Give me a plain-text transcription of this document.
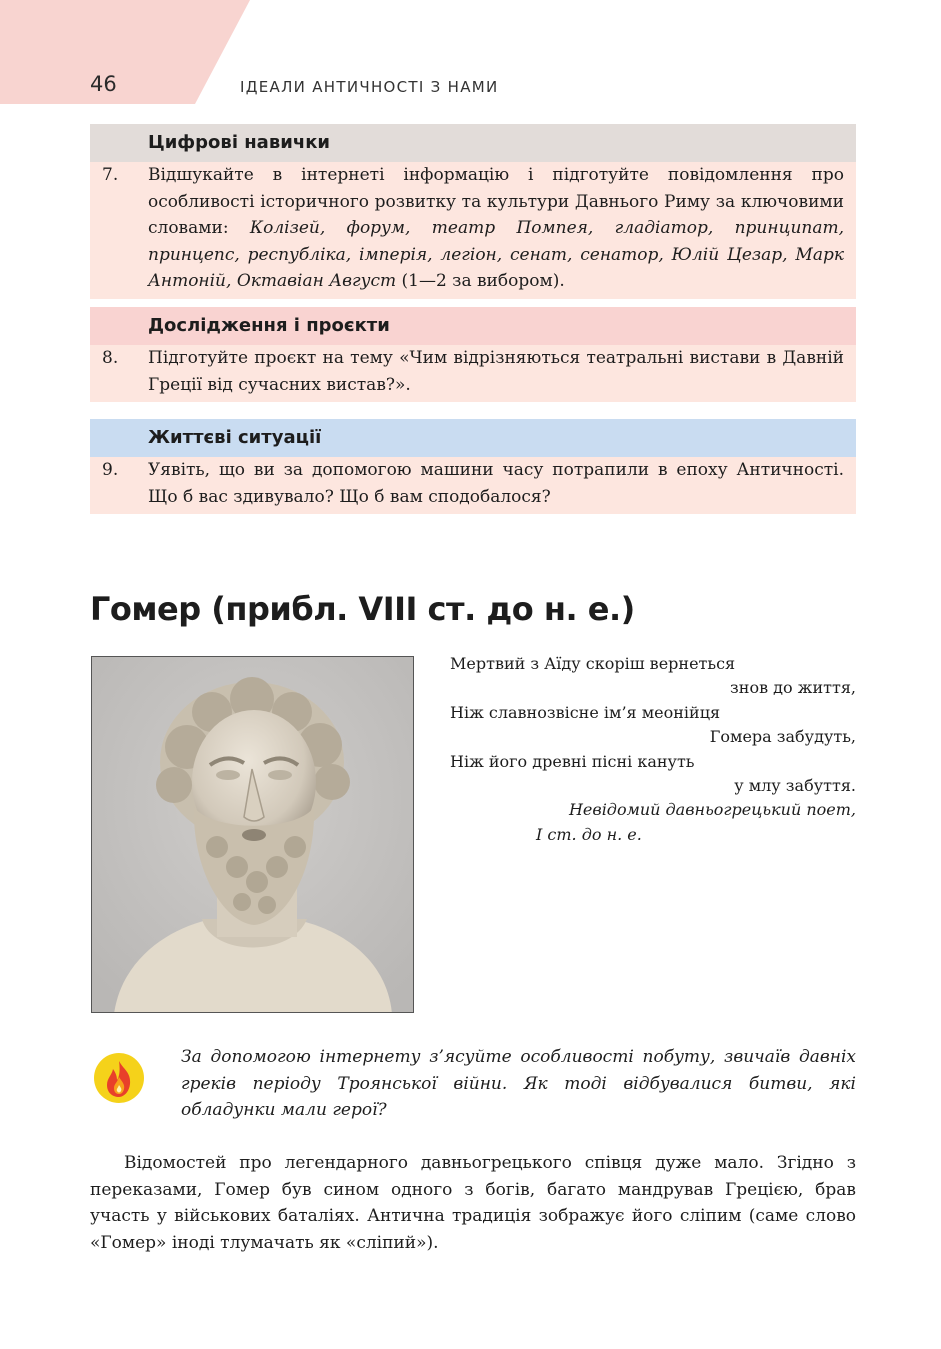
46	ІДЕАЛИ АНТИЧНОСТІ З НАМИ
Цифрові навички
7.	Відшукайте в інтернеті інформацію і підготуйте повідомлення про особливості історичного розвитку та культури Давнього Риму за ключовими словами: Колізей, форум, театр Помпея, гладіатор, принципат, принцепс, республіка, імперія, легіон, сенат, сенатор, Юлій Цезар, Марк Антоній, Октавіан Август (1—2 за вибором).
Дослідження і проєкти
8.	Підготуйте проєкт на тему «Чим відрізняються театральні вистави в Давній Греції від сучасних вистав?».
Життєві ситуації
9.	Уявіть, що ви за допомогою машини часу потрапили в епоху Античності. Що б вас здивувало? Що б вам сподобалося?
Гомер (прибл. VIII ст. до н. е.)
Мертвий з Аїду скоріш вернеться
знов до життя,
Ніж славнозвісне ім’я меонійця
Гомера забудуть,
Ніж його древні пісні кануть
у млу забуття.
Невідомий давньогрецький поет,
І ст. до н. е.
За допомогою інтернету з’ясуйте особливості побуту, звичаїв давніх греків періоду Троянської війни. Як тоді відбувалися битви, які обладунки мали герої?
Відомостей про легендарного давньогрецького співця дуже мало. Згідно з переказами, Гомер був сином одного з богів, багато мандрував Грецією, брав участь у військових баталіях. Антична традиція зображує його сліпим (саме слово «Гомер» іноді тлумачать як «сліпий»).
